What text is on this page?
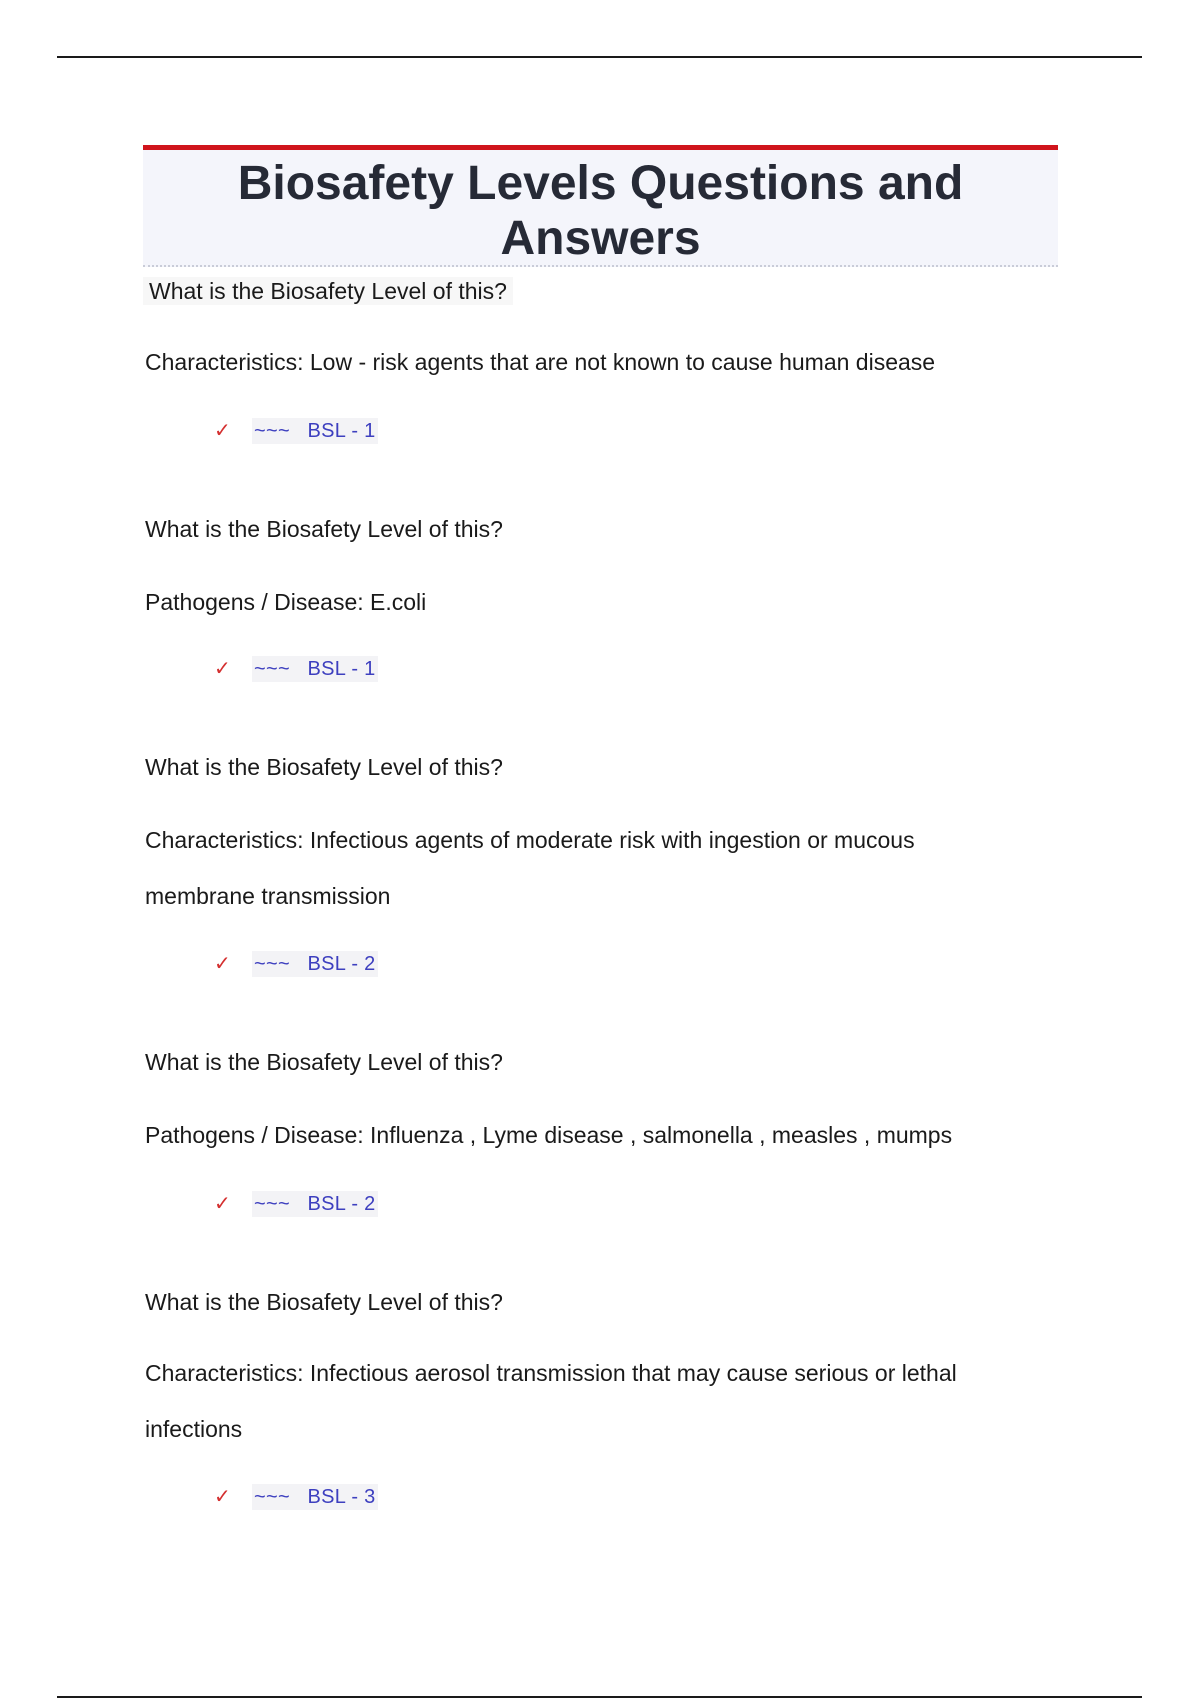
Biosafety Levels Questions and Answers
What is the Biosafety Level of this?
Characteristics: Low - risk agents that are not known to cause human disease
✓	~~~   BSL - 1
What is the Biosafety Level of this?
Pathogens / Disease: E.coli
✓	~~~   BSL - 1
What is the Biosafety Level of this?
Characteristics: Infectious agents of moderate risk with ingestion or mucous
membrane transmission
✓	~~~   BSL - 2
What is the Biosafety Level of this?
Pathogens / Disease: Influenza , Lyme disease , salmonella , measles , mumps
✓	~~~   BSL - 2
What is the Biosafety Level of this?
Characteristics: Infectious aerosol transmission that may cause serious or lethal
infections
✓	~~~   BSL - 3
